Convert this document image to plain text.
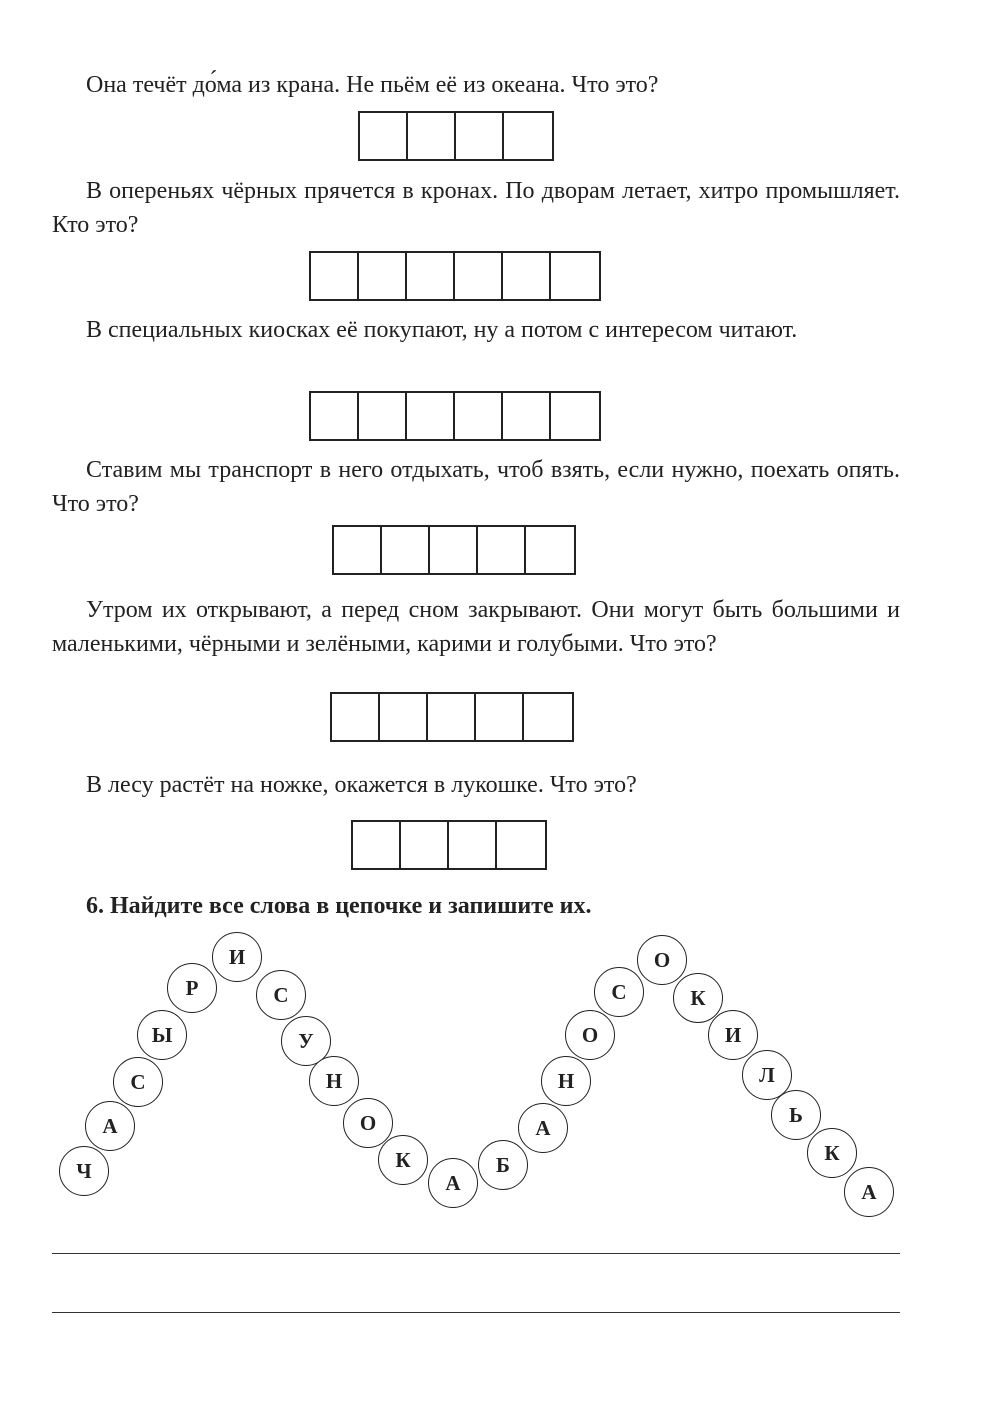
Она течёт до́ма из крана. Не пьём её из океана. Что это?

В опереньях чёрных прячется в кронах. По дворам летает, хитро промышляет. Кто это?

В специальных киосках её покупают, ну а потом с интересом читают.

Ставим мы транспорт в него отдыхать, чтоб взять, если нужно, поехать опять. Что это?

Утром их открывают, а перед сном закрывают. Они могут быть большими и маленькими, чёрными и зелёными, карими и голубыми. Что это?

В лесу растёт на ножке, окажется в лукошке. Что это?

6. Найдите все слова в цепочке и запишите их.

Ч
А
С
Ы
Р
И
С
У
Н
О
К
А
Б
А
Н
О
С
О
К
И
Л
Ь
К
А
